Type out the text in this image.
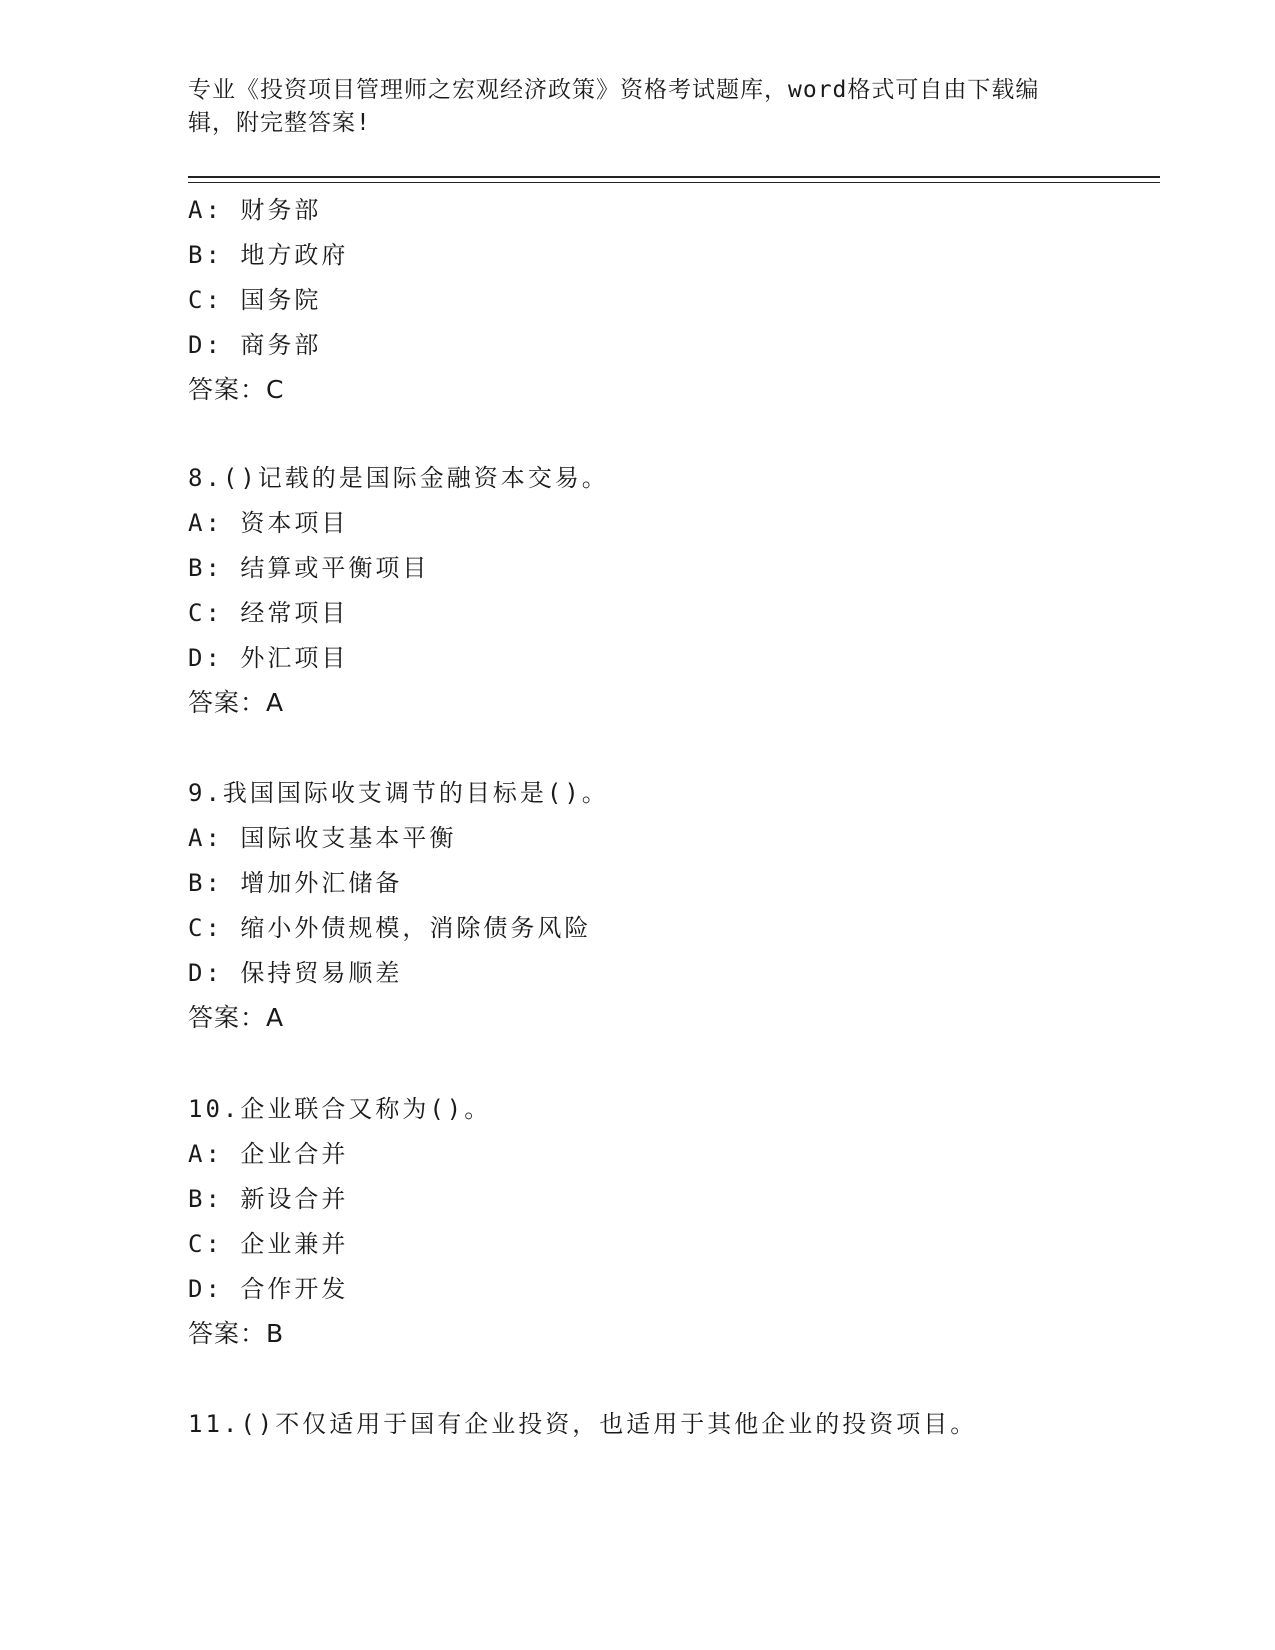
专业《投资项目管理师之宏观经济政策》资格考试题库，word格式可自由下载编
辑，附完整答案!
A: 财务部
B: 地方政府
C: 国务院
D: 商务部
答案：C
8.()记载的是国际金融资本交易。
A: 资本项目
B: 结算或平衡项目
C: 经常项目
D: 外汇项目
答案：A
9.我国国际收支调节的目标是()。
A: 国际收支基本平衡
B: 增加外汇储备
C: 缩小外债规模，消除债务风险
D: 保持贸易顺差
答案：A
10.企业联合又称为()。
A: 企业合并
B: 新设合并
C: 企业兼并
D: 合作开发
答案：B
11.()不仅适用于国有企业投资，也适用于其他企业的投资项目。
